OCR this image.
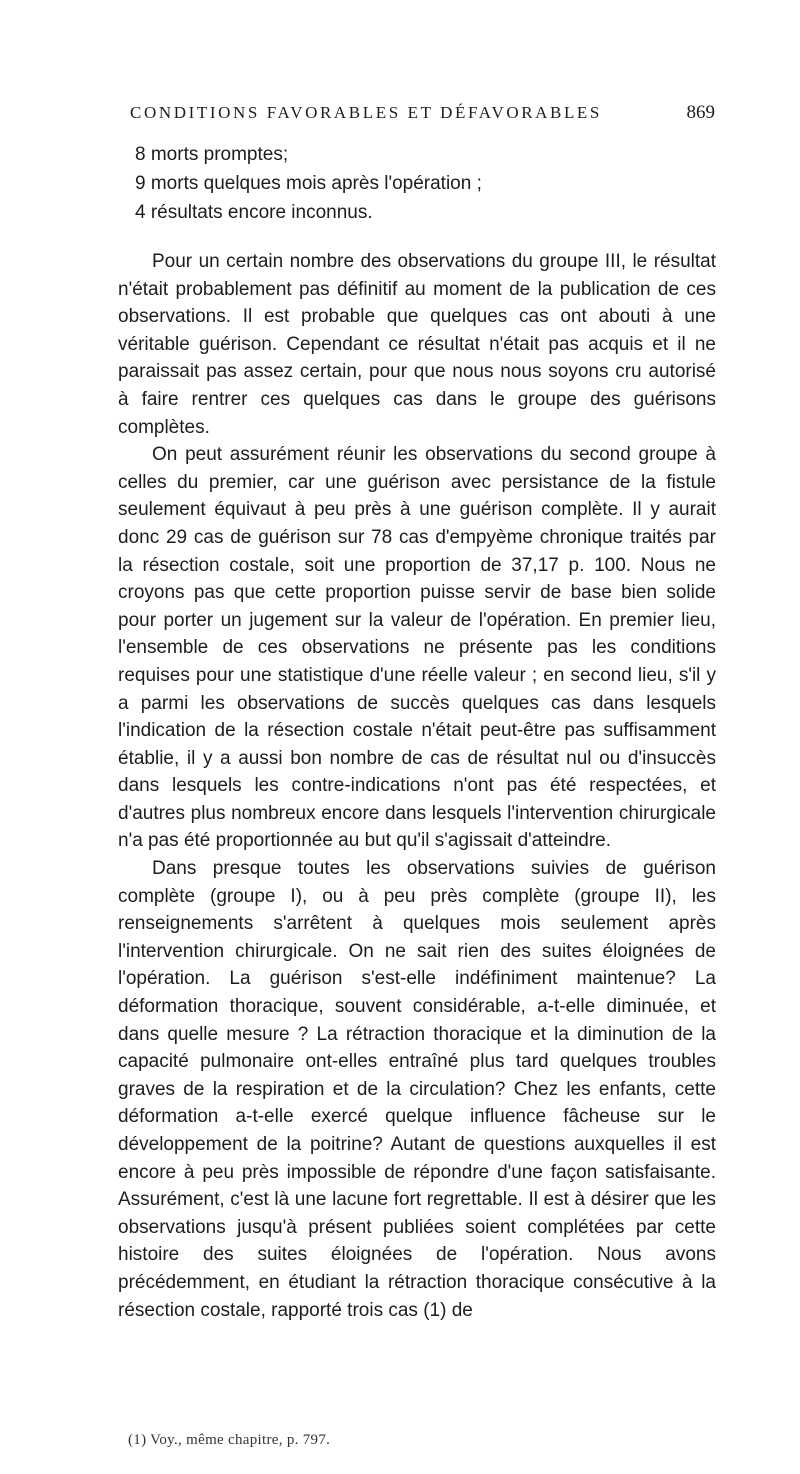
CONDITIONS FAVORABLES ET DÉFAVORABLES	869
8 morts promptes;
9 morts quelques mois après l'opération ;
4 résultats encore inconnus.

Pour un certain nombre des observations du groupe III, le résultat n'était probablement pas définitif au moment de la publication de ces observations. Il est probable que quelques cas ont abouti à une véritable guérison. Cependant ce résultat n'était pas acquis et il ne paraissait pas assez certain, pour que nous nous soyons cru autorisé à faire rentrer ces quelques cas dans le groupe des guérisons complètes.

On peut assurément réunir les observations du second groupe à celles du premier, car une guérison avec persistance de la fistule seulement équivaut à peu près à une guérison complète. Il y aurait donc 29 cas de guérison sur 78 cas d'empyème chronique traités par la résection costale, soit une proportion de 37,17 p. 100. Nous ne croyons pas que cette proportion puisse servir de base bien solide pour porter un jugement sur la valeur de l'opération. En premier lieu, l'ensemble de ces observations ne présente pas les conditions requises pour une statistique d'une réelle valeur ; en second lieu, s'il y a parmi les observations de succès quelques cas dans lesquels l'indication de la résection costale n'était peut-être pas suffisamment établie, il y a aussi bon nombre de cas de résultat nul ou d'insuccès dans lesquels les contre-indications n'ont pas été respectées, et d'autres plus nombreux encore dans lesquels l'intervention chirurgicale n'a pas été proportionnée au but qu'il s'agissait d'atteindre.

Dans presque toutes les observations suivies de guérison complète (groupe I), ou à peu près complète (groupe II), les renseignements s'arrêtent à quelques mois seulement après l'intervention chirurgicale. On ne sait rien des suites éloignées de l'opération. La guérison s'est-elle indéfiniment maintenue? La déformation thoracique, souvent considérable, a-t-elle diminuée, et dans quelle mesure ? La rétraction thoracique et la diminution de la capacité pulmonaire ont-elles entraîné plus tard quelques troubles graves de la respiration et de la circulation? Chez les enfants, cette déformation a-t-elle exercé quelque influence fâcheuse sur le développement de la poitrine? Autant de questions auxquelles il est encore à peu près impossible de répondre d'une façon satisfaisante. Assurément, c'est là une lacune fort regrettable. Il est à désirer que les observations jusqu'à présent publiées soient complétées par cette histoire des suites éloignées de l'opération. Nous avons précédemment, en étudiant la rétraction thoracique consécutive à la résection costale, rapporté trois cas (1) de

(1) Voy., même chapitre, p. 797.
